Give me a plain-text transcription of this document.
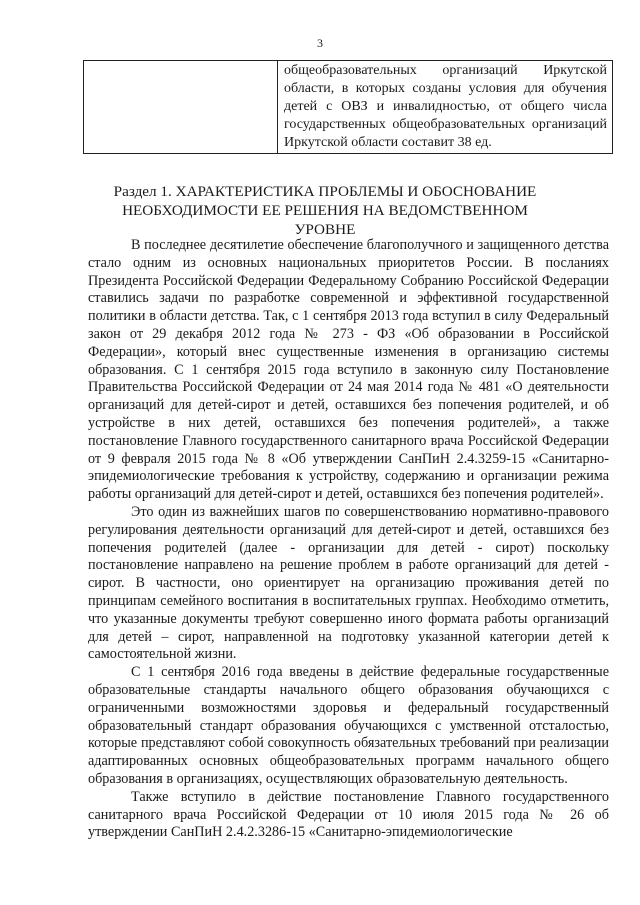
3
	общеобразовательных организаций Иркутской области, в которых созданы условия для обучения детей с ОВЗ и инвалидностью, от общего числа государственных общеобразовательных организаций Иркутской области составит 38 ед.
Раздел 1. ХАРАКТЕРИСТИКА ПРОБЛЕМЫ И ОБОСНОВАНИЕ
НЕОБХОДИМОСТИ ЕЕ РЕШЕНИЯ НА ВЕДОМСТВЕННОМ УРОВНЕ

В последнее десятилетие обеспечение благополучного и защищенного детства стало одним из основных национальных приоритетов России. В посланиях Президента Российской Федерации Федеральному Собранию Российской Федерации ставились задачи по разработке современной и эффективной государственной политики в области детства. Так, с 1 сентября 2013 года вступил в силу Федеральный закон от 29 декабря 2012 года № 273 - ФЗ «Об образовании в Российской Федерации», который внес существенные изменения в организацию системы образования. С 1 сентября 2015 года вступило в законную силу Постановление Правительства Российской Федерации от 24 мая 2014 года № 481 «О деятельности организаций для детей-сирот и детей, оставшихся без попечения родителей, и об устройстве в них детей, оставшихся без попечения родителей», а также постановление Главного государственного санитарного врача Российской Федерации от 9 февраля 2015 года № 8 «Об утверждении СанПиН 2.4.3259-15 «Санитарно-эпидемиологические требования к устройству, содержанию и организации режима работы организаций для детей-сирот и детей, оставшихся без попечения родителей».

Это один из важнейших шагов по совершенствованию нормативно-правового регулирования деятельности организаций для детей-сирот и детей, оставшихся без попечения родителей (далее - организации для детей - сирот) поскольку постановление направлено на решение проблем в работе организаций для детей - сирот. В частности, оно ориентирует на организацию проживания детей по принципам семейного воспитания в воспитательных группах. Необходимо отметить, что указанные документы требуют совершенно иного формата работы организаций для детей – сирот, направленной на подготовку указанной категории детей к самостоятельной жизни.

С 1 сентября 2016 года введены в действие федеральные государственные образовательные стандарты начального общего образования обучающихся с ограниченными возможностями здоровья и федеральный государственный образовательный стандарт образования обучающихся с умственной отсталостью, которые представляют собой совокупность обязательных требований при реализации адаптированных основных общеобразовательных программ начального общего образования в организациях, осуществляющих образовательную деятельность.

Также вступило в действие постановление Главного государственного санитарного врача Российской Федерации от 10 июля 2015 года № 26 об утверждении СанПиН 2.4.2.3286-15 «Санитарно-эпидемиологические
